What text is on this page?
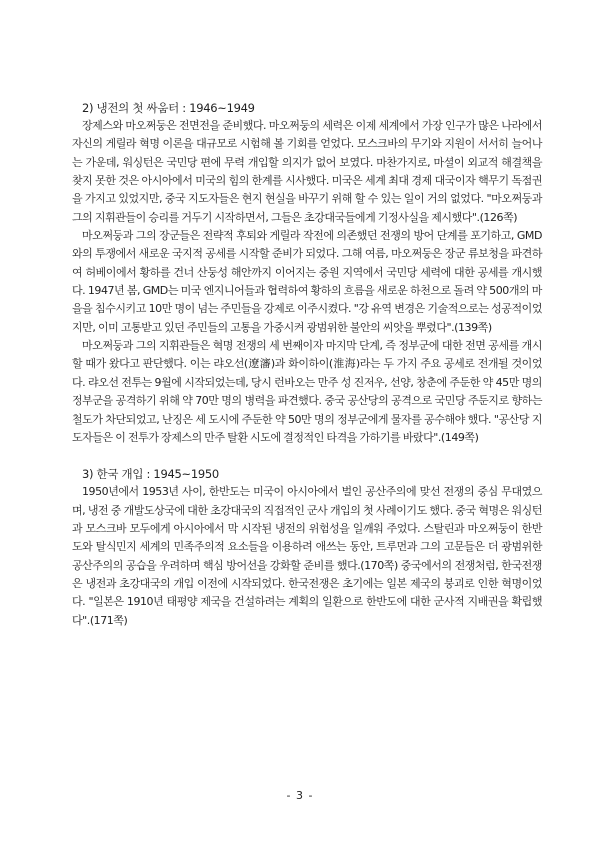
2) 냉전의 첫 싸움터 : 1946~1949

장제스와 마오쩌둥은 전면전을 준비했다. 마오쩌둥의 세력은 이제 세계에서 가장 인구가 많은 나라에서 자신의 게릴라 혁명 이론을 대규모로 시험해 볼 기회를 얻었다. 모스크바의 무기와 지원이 서서히 늘어나는 가운데, 워싱턴은 국민당 편에 무력 개입할 의지가 없어 보였다. 마찬가지로, 마셜이 외교적 해결책을 찾지 못한 것은 아시아에서 미국의 힘의 한계를 시사했다. 미국은 세계 최대 경제 대국이자 핵무기 독점권을 가지고 있었지만, 중국 지도자들은 현지 현실을 바꾸기 위해 할 수 있는 일이 거의 없었다. "마오쩌둥과 그의 지휘관들이 승리를 거두기 시작하면서, 그들은 초강대국들에게 기정사실을 제시했다".(126쪽)

마오쩌둥과 그의 장군들은 전략적 후퇴와 게릴라 작전에 의존했던 전쟁의 방어 단계를 포기하고, GMD와의 투쟁에서 새로운 국지적 공세를 시작할 준비가 되었다. 그해 여름, 마오쩌둥은 장군 류보청을 파견하여 허베이에서 황하를 건너 산둥성 해안까지 이어지는 중원 지역에서 국민당 세력에 대한 공세를 개시했다. 1947년 봄, GMD는 미국 엔지니어들과 협력하여 황하의 흐름을 새로운 하천으로 돌려 약 500개의 마을을 침수시키고 10만 명이 넘는 주민들을 강제로 이주시켰다. "강 유역 변경은 기술적으로는 성공적이었지만, 이미 고통받고 있던 주민들의 고통을 가중시켜 광범위한 불안의 씨앗을 뿌렸다".(139쪽)

마오쩌둥과 그의 지휘관들은 혁명 전쟁의 세 번째이자 마지막 단계, 즉 정부군에 대한 전면 공세를 개시할 때가 왔다고 판단했다. 이는 랴오선(遼瀋)과 화이하이(淮海)라는 두 가지 주요 공세로 전개될 것이었다. 랴오선 전투는 9월에 시작되었는데, 당시 런바오는 만주 성 진저우, 선양, 창춘에 주둔한 약 45만 명의 정부군을 공격하기 위해 약 70만 명의 병력을 파견했다. 중국 공산당의 공격으로 국민당 주둔지로 향하는 철도가 차단되었고, 난징은 세 도시에 주둔한 약 50만 명의 정부군에게 물자를 공수해야 했다. "공산당 지도자들은 이 전투가 장제스의 만주 탈환 시도에 결정적인 타격을 가하기를 바랐다".(149쪽)

3) 한국 개입 : 1945~1950

1950년에서 1953년 사이, 한반도는 미국이 아시아에서 벌인 공산주의에 맞선 전쟁의 중심 무대였으며, 냉전 중 개발도상국에 대한 초강대국의 직접적인 군사 개입의 첫 사례이기도 했다. 중국 혁명은 워싱턴과 모스크바 모두에게 아시아에서 막 시작된 냉전의 위험성을 일깨워 주었다. 스탈린과 마오쩌둥이 한반도와 탈식민지 세계의 민족주의적 요소들을 이용하려 애쓰는 동안, 트루먼과 그의 고문들은 더 광범위한 공산주의의 공습을 우려하며 핵심 방어선을 강화할 준비를 했다.(170쪽) 중국에서의 전쟁처럼, 한국전쟁은 냉전과 초강대국의 개입 이전에 시작되었다. 한국전쟁은 초기에는 일본 제국의 붕괴로 인한 혁명이었다. "일본은 1910년 태평양 제국을 건설하려는 계획의 일환으로 한반도에 대한 군사적 지배권을 확립했다".(171쪽)

- 3 -
